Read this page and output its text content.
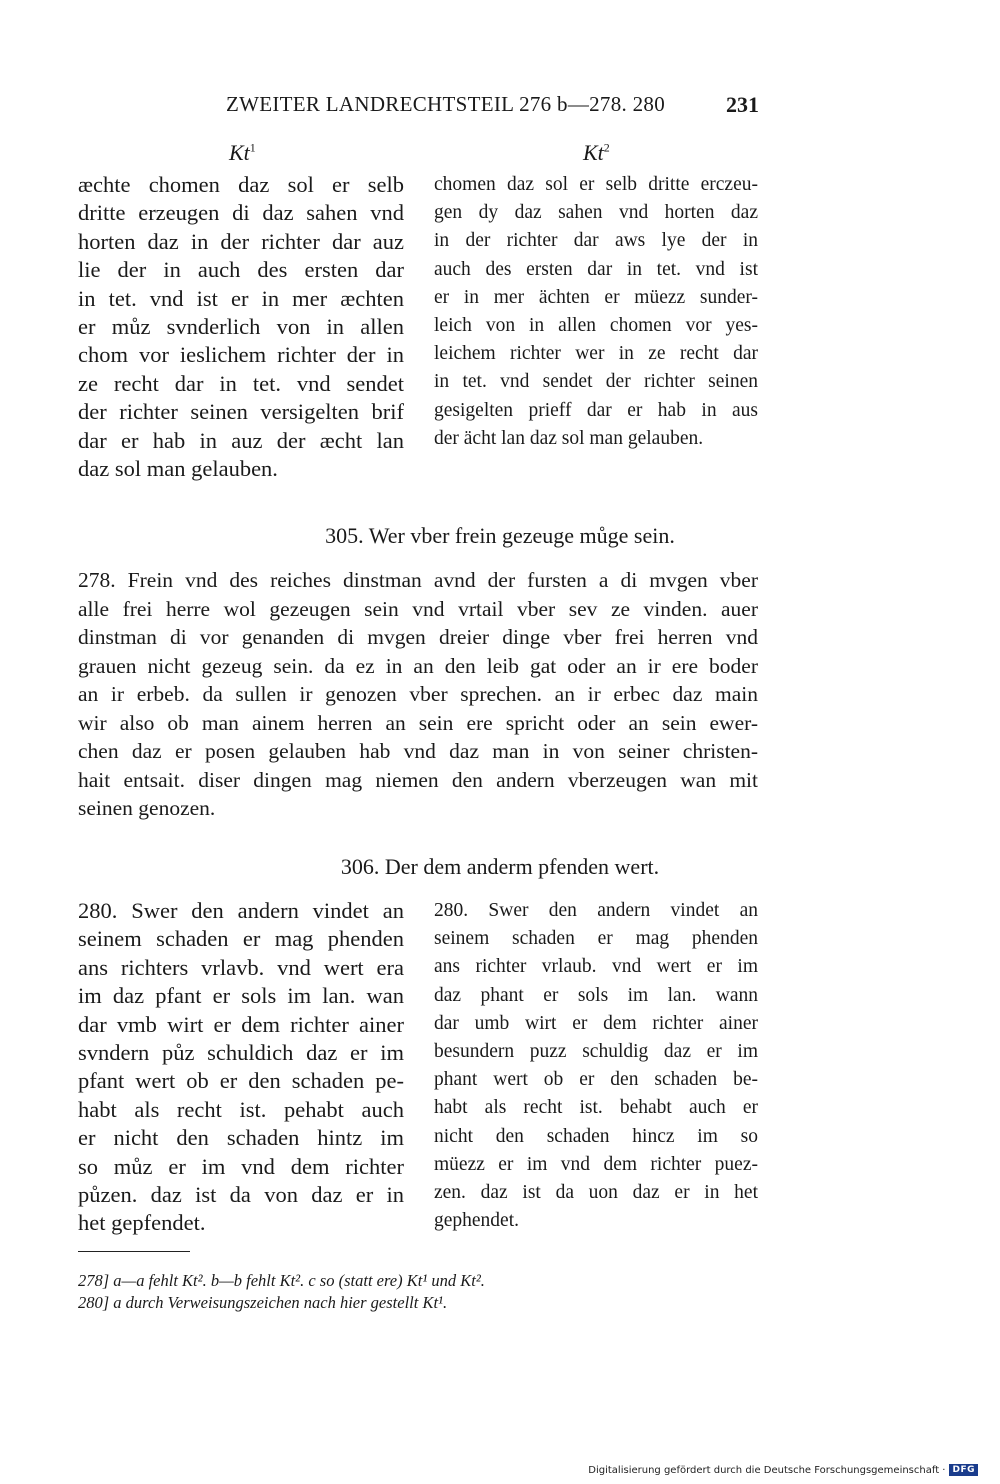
ZWEITER LANDRECHTSTEIL 276 b—278. 280	231
Kt$^1$	Kt$^2$
æchte chomen daz sol er selb
dritte erzeugen di daz sahen vnd
horten daz in der richter dar auz
lie der in auch des ersten dar
in tet. vnd ist er in mer æchten
er můz svnderlich von in allen
chom vor ieslichem richter der in
ze recht dar in tet. vnd sendet
der richter seinen versigelten brif
dar er hab in auz der æcht lan
daz sol man gelauben.
chomen daz sol er selb dritte erczeu-
gen dy daz sahen vnd horten daz
in der richter dar aws lye der in
auch des ersten dar in tet. vnd ist
er in mer ächten er müezz sunder-
leich von in allen chomen vor yes-
leichem richter wer in ze recht dar
in tet. vnd sendet der richter seinen
gesigelten prieff dar er hab in aus
der ächt lan daz sol man gelauben.
305. Wer vber frein gezeuge můge sein.
278. Frein vnd des reiches dinstman avnd der fursten a di mvgen vber
alle frei herre wol gezeugen sein vnd vrtail vber sev ze vinden. auer
dinstman di vor genanden di mvgen dreier dinge vber frei herren vnd
grauen nicht gezeug sein. da ez in an den leib gat oder an ir ere boder
an ir erbeb. da sullen ir genozen vber sprechen. an ir erbec daz main
wir also ob man ainem herren an sein ere spricht oder an sein ewer-
chen daz er posen gelauben hab vnd daz man in von seiner christen-
hait entsait. diser dingen mag niemen den andern vberzeugen wan mit
seinen genozen.
306. Der dem anderm pfenden wert.
280. Swer den andern vindet an
seinem schaden er mag phenden
ans richters vrlavb. vnd wert era
im daz pfant er sols im lan. wan
dar vmb wirt er dem richter ainer
svndern půz schuldich daz er im
pfant wert ob er den schaden pe-
habt als recht ist. pehabt auch
er nicht den schaden hintz im
so můz er im vnd dem richter
půzen. daz ist da von daz er in
het gepfendet.
280. Swer den andern vindet an
seinem schaden er mag phenden
ans richter vrlaub. vnd wert er im
daz phant er sols im lan. wann
dar umb wirt er dem richter ainer
besundern puzz schuldig daz er im
phant wert ob er den schaden be-
habt als recht ist. behabt auch er
nicht den schaden hincz im so
müezz er im vnd dem richter puez-
zen. daz ist da uon daz er in het
gephendet.
278] a—a fehlt Kt². b—b fehlt Kt². c so (statt ere) Kt¹ und Kt².
280] a durch Verweisungszeichen nach hier gestellt Kt¹.
Digitalisierung gefördert durch die Deutsche Forschungsgemeinschaft · DFG
